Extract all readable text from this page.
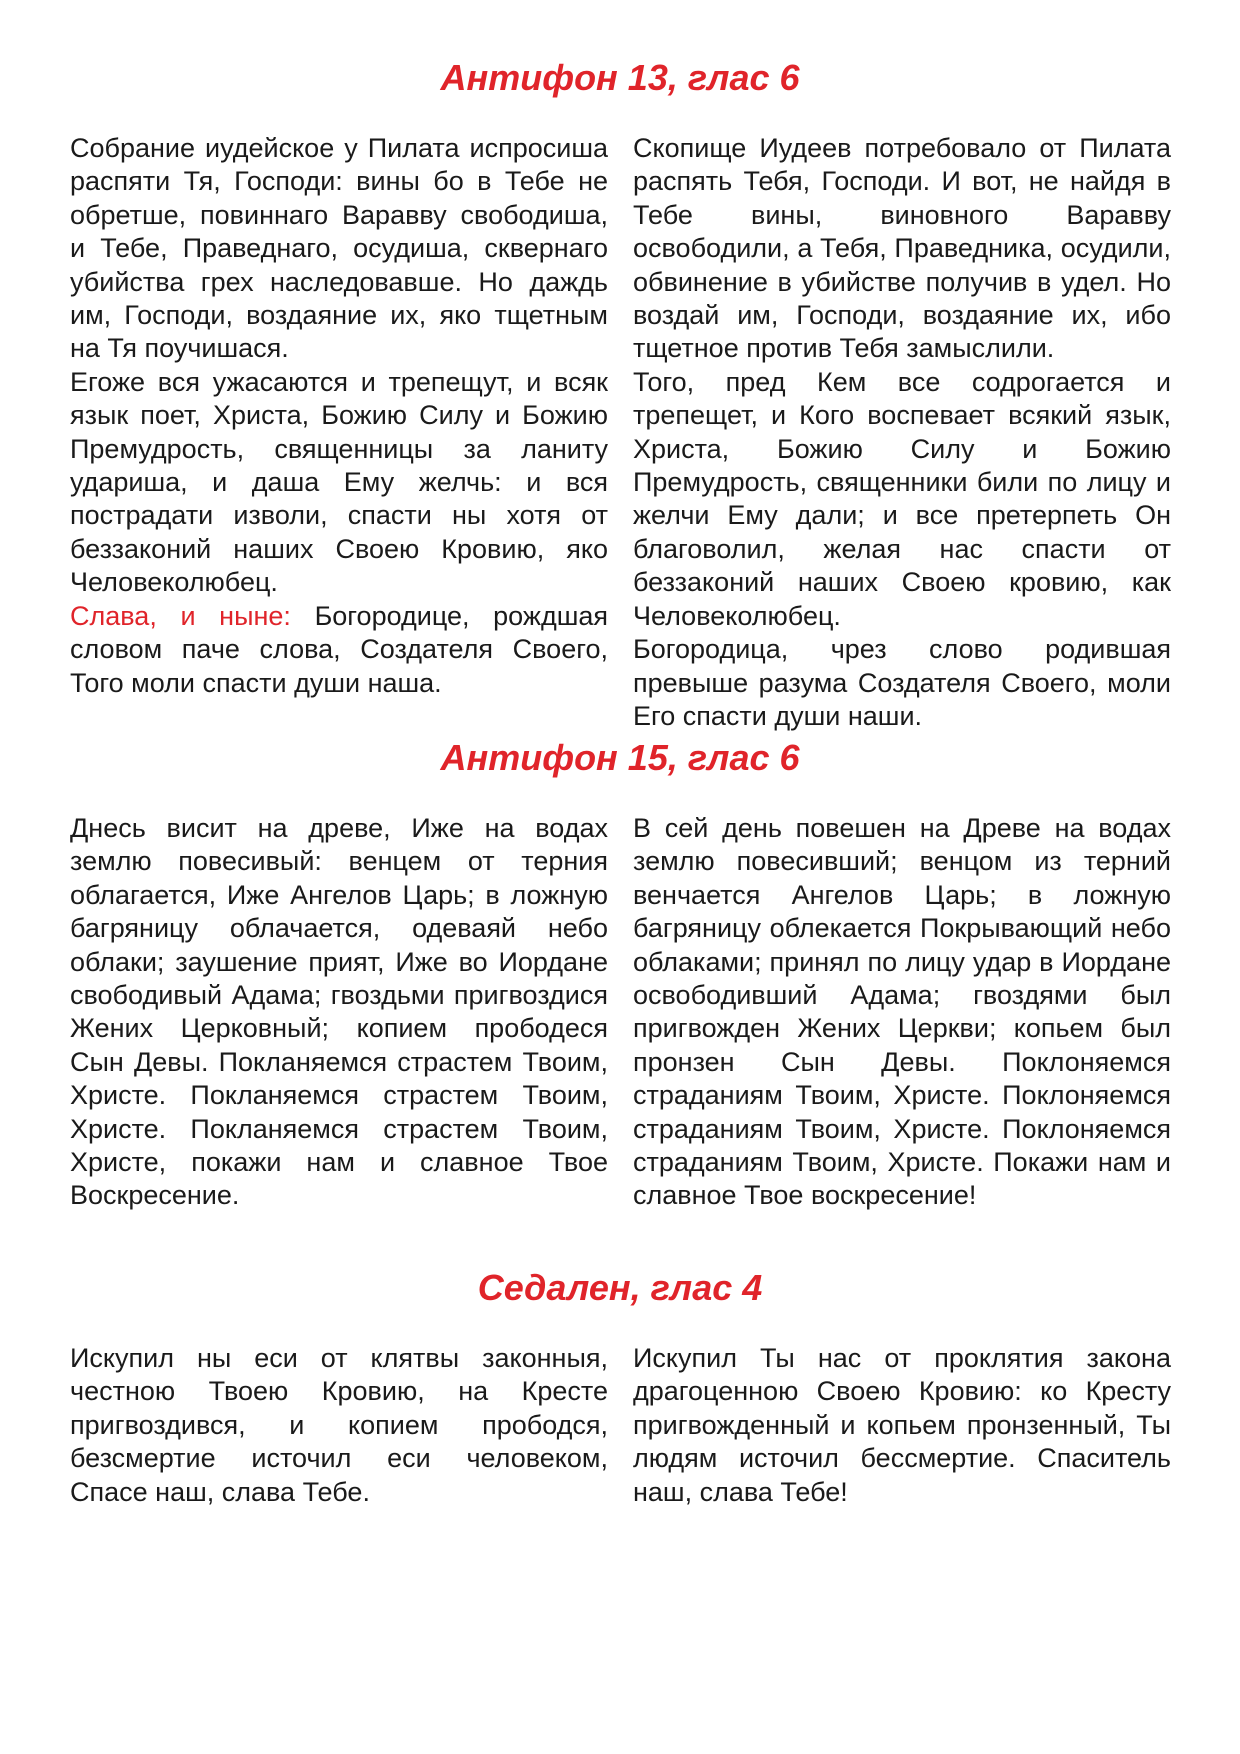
Антифон 13, глас 6

Собрание иудейское у Пилата испросиша распяти Тя, Господи: вины бо в Тебе не обретше, повиннаго Варавву свободиша, и Тебе, Праведнаго, осудиша, сквернаго убийства грех наследовавше. Но даждь им, Господи, воздаяние их, яко тщетным на Тя поучишася.

Егоже вся ужасаются и трепещут, и всяк язык поет, Христа, Божию Силу и Божию Премудрость, священницы за ланиту удариша, и даша Ему желчь: и вся пострадати изволи, спасти ны хотя от беззаконий наших Своею Кровию, яко Человеколюбец.

Слава, и ныне: Богородице, рождшая словом паче слова, Создателя Своего, Того моли спасти души наша.

Скопище Иудеев потребовало от Пилата распять Тебя, Господи. И вот, не найдя в Тебе вины, виновного Варавву освободили, а Тебя, Праведника, осудили, обвинение в убийстве получив в удел. Но воздай им, Господи, воздаяние их, ибо тщетное против Тебя замыслили.

Того, пред Кем все содрогается и трепещет, и Кого воспевает всякий язык, Христа, Божию Силу и Божию Премудрость, священники били по лицу и желчи Ему дали; и все претерпеть Он благоволил, желая нас спасти от беззаконий наших Своею кровию, как Человеколюбец.

Богородица, чрез слово родившая превыше разума Создателя Своего, моли Его спасти души наши.

Антифон 15, глас 6

Днесь висит на древе, Иже на водах землю повесивый: венцем от терния облагается, Иже Ангелов Царь; в ложную багряницу облачается, одеваяй небо облаки; заушение прият, Иже во Иордане свободивый Адама; гвоздьми пригвоздися Жених Церковный; копием прободеся Сын Девы. Покланяемся страстем Твоим, Христе. Покланяемся страстем Твоим, Христе. Покланяемся страстем Твоим, Христе, покажи нам и славное Твое Воскресение.

В сей день повешен на Древе на водах землю повесивший; венцом из терний венчается Ангелов Царь; в ложную багряницу облекается Покрывающий небо облаками; принял по лицу удар в Иордане освободивший Адама; гвоздями был пригвожден Жених Церкви; копьем был пронзен Сын Девы. Поклоняемся страданиям Твоим, Христе. Поклоняемся страданиям Твоим, Христе. Поклоняемся страданиям Твоим, Христе. Покажи нам и славное Твое воскресение!

Седален, глас 4

Искупил ны еси от клятвы законныя, честною Твоею Кровию, на Кресте пригвоздився, и копием прободся, безсмертие источил еси человеком, Спасе наш, слава Тебе.

Искупил Ты нас от проклятия закона драгоценною Своею Кровию: ко Кресту пригвожденный и копьем пронзенный, Ты людям источил бессмертие. Спаситель наш, слава Тебе!
